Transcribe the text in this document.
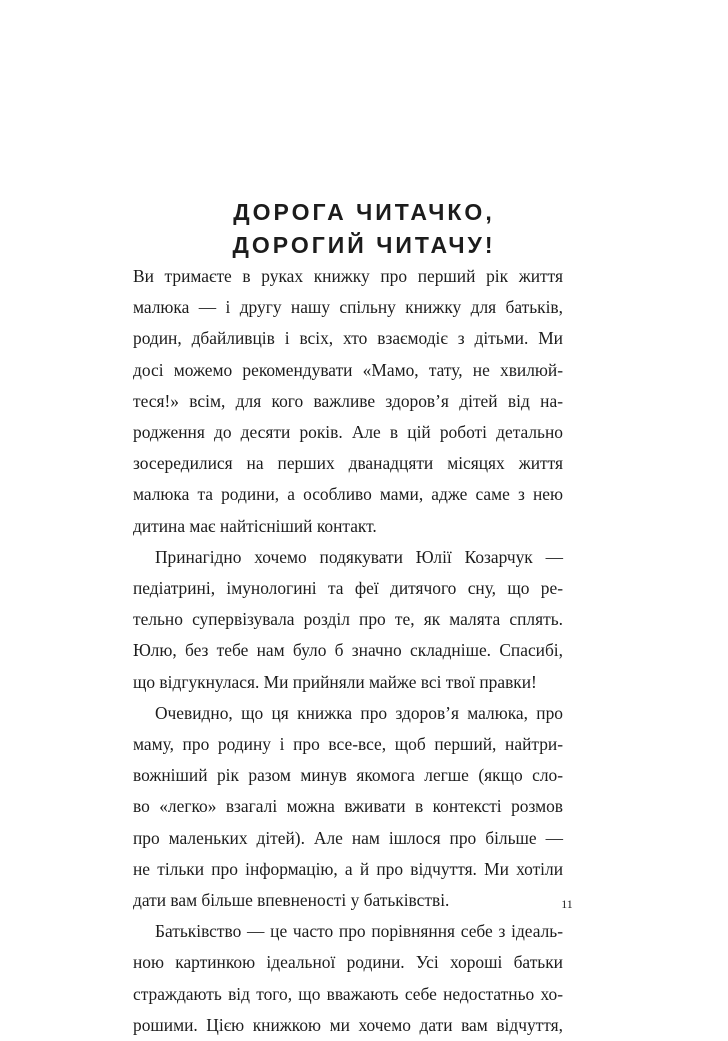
ДОРОГА ЧИТАЧКО,
ДОРОГИЙ ЧИТАЧУ!

Ви тримаєте в руках книжку про перший рік життя
малюка — і другу нашу спільну книжку для батьків,
родин, дбайливців і всіх, хто взаємодіє з дітьми. Ми
досі можемо рекомендувати «Мамо, тату, не хвилюй-
теся!» всім, для кого важливе здоров’я дітей від на-
родження до десяти років. Але в цій роботі детально
зосередилися на перших дванадцяти місяцях життя
малюка та родини, а особливо мами, адже саме з нею
дитина має найтісніший контакт.

Принагідно хочемо подякувати Юлії Козарчук —
педіатрині, імунологині та феї дитячого сну, що ре-
тельно супервізувала розділ про те, як малята сплять.
Юлю, без тебе нам було б значно складніше. Спасибі,
що відгукнулася. Ми прийняли майже всі твої правки!

Очевидно, що ця книжка про здоров’я малюка, про
маму, про родину і про все-все, щоб перший, найтри-
вожніший рік разом минув якомога легше (якщо сло-
во «легко» взагалі можна вживати в контексті розмов
про маленьких дітей). Але нам ішлося про більше —
не тільки про інформацію, а й про відчуття. Ми хотіли
дати вам більше впевненості у батьківстві.

Батьківство — це часто про порівняння себе з ідеаль-
ною картинкою ідеальної родини. Усі хороші батьки
страждають від того, що вважають себе недостатньо хо-
рошими. Цією книжкою ми хочемо дати вам відчуття,

11
